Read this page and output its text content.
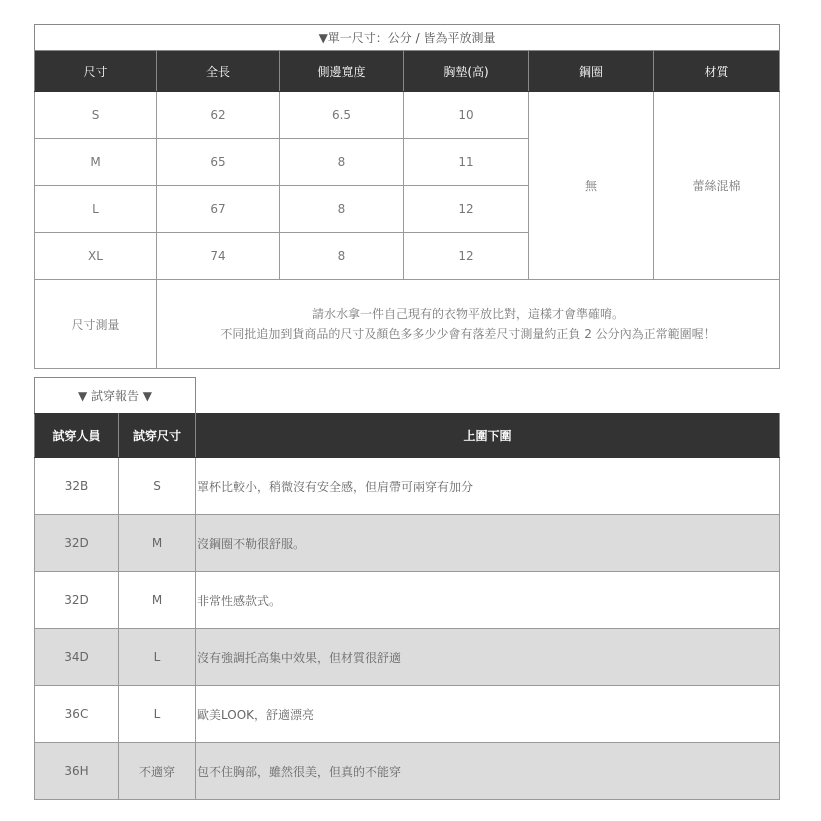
▼單一尺寸：公分 / 皆為平放測量					
尺寸	全長	側邊寬度	胸墊(高)	鋼圈	材質
S	62	6.5	10	無	蕾絲混棉
M	65	8	11		
L	67	8	12		
XL	74	8	12		
尺寸測量	請水水拿一件自己現有的衣物平放比對，這樣才會準確唷。
不同批追加到貨商品的尺寸及顏色多多少少會有落差尺寸測量約正負 2 公分內為正常範圍喔！				
▼ 試穿報告 ▼
試穿人員	試穿尺寸	上圍下圍
32B	S	罩杯比較小，稍微沒有安全感，但肩帶可兩穿有加分
32D	M	沒鋼圈不勒很舒服。
32D	M	非常性感款式。
34D	L	沒有強調托高集中效果，但材質很舒適
36C	L	歐美LOOK，舒適漂亮
36H	不適穿	包不住胸部，雖然很美，但真的不能穿
